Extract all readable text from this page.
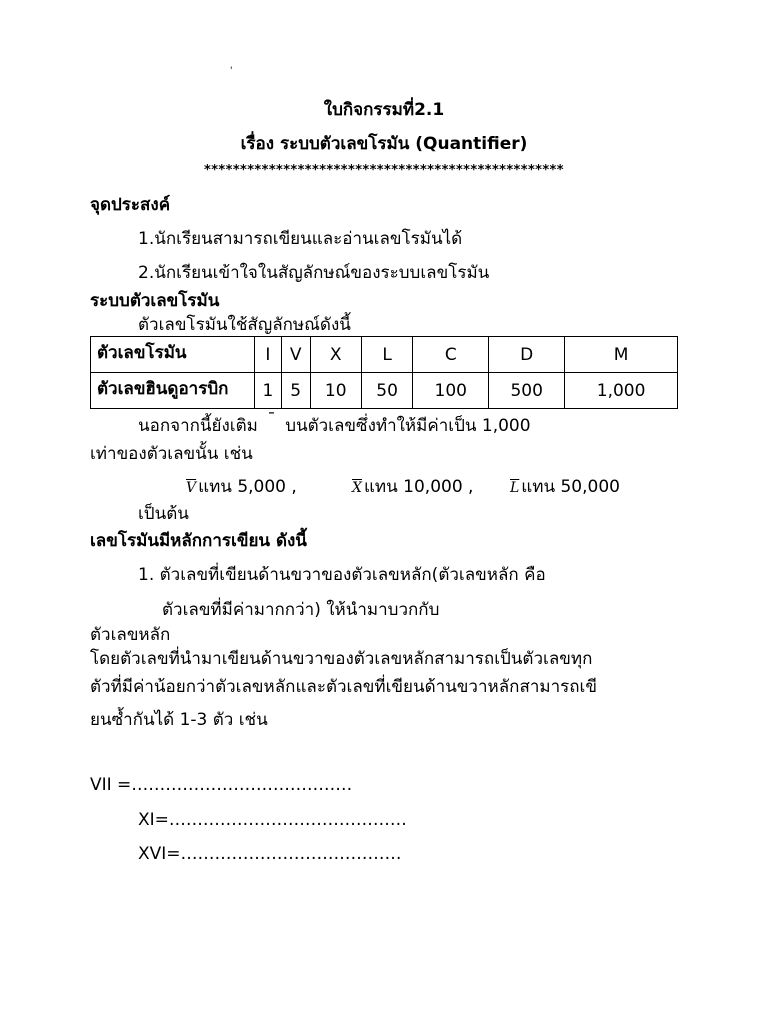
'
ใบกิจกรรมที่2.1
เรื่อง ระบบตัวเลขโรมัน (Quantifier)
**************************************************
จุดประสงค์
1.นักเรียนสามารถเขียนและอ่านเลขโรมันได้
2.นักเรียนเข้าใจในสัญลักษณ์ของระบบเลขโรมัน
ระบบตัวเลขโรมัน
ตัวเลขโรมันใช้สัญลักษณ์ดังนี้
ตัวเลขโรมัน	I	V	X	L	C	D	M
ตัวเลขฮินดูอารบิก	1	5	10	50	100	500	1,000
นอกจากนี้ยังเติม ¯ บนตัวเลขซึ่งทำให้มีค่าเป็น 1,000
เท่าของตัวเลขนั้น เช่น
$\overline{V}$ แทน 5,000 ,	$\overline{X}$ แทน 10,000 ,	$\overline{L}$ แทน 50,000
เป็นต้น
เลขโรมันมีหลักการเขียน ดังนี้
1. ตัวเลขที่เขียนด้านขวาของตัวเลขหลัก(ตัวเลขหลัก คือ
ตัวเลขที่มีค่ามากกว่า) ให้นำมาบวกกับ
ตัวเลขหลัก
โดยตัวเลขที่นำมาเขียนด้านขวาของตัวเลขหลักสามารถเป็นตัวเลขทุก
ตัวที่มีค่าน้อยกว่าตัวเลขหลักและตัวเลขที่เขียนด้านขวาหลักสามารถเขี
ยนซ้ำกันได้ 1-3 ตัว เช่น
VII =…………………………………
XI=……………………………………
XVI=…………………………………
